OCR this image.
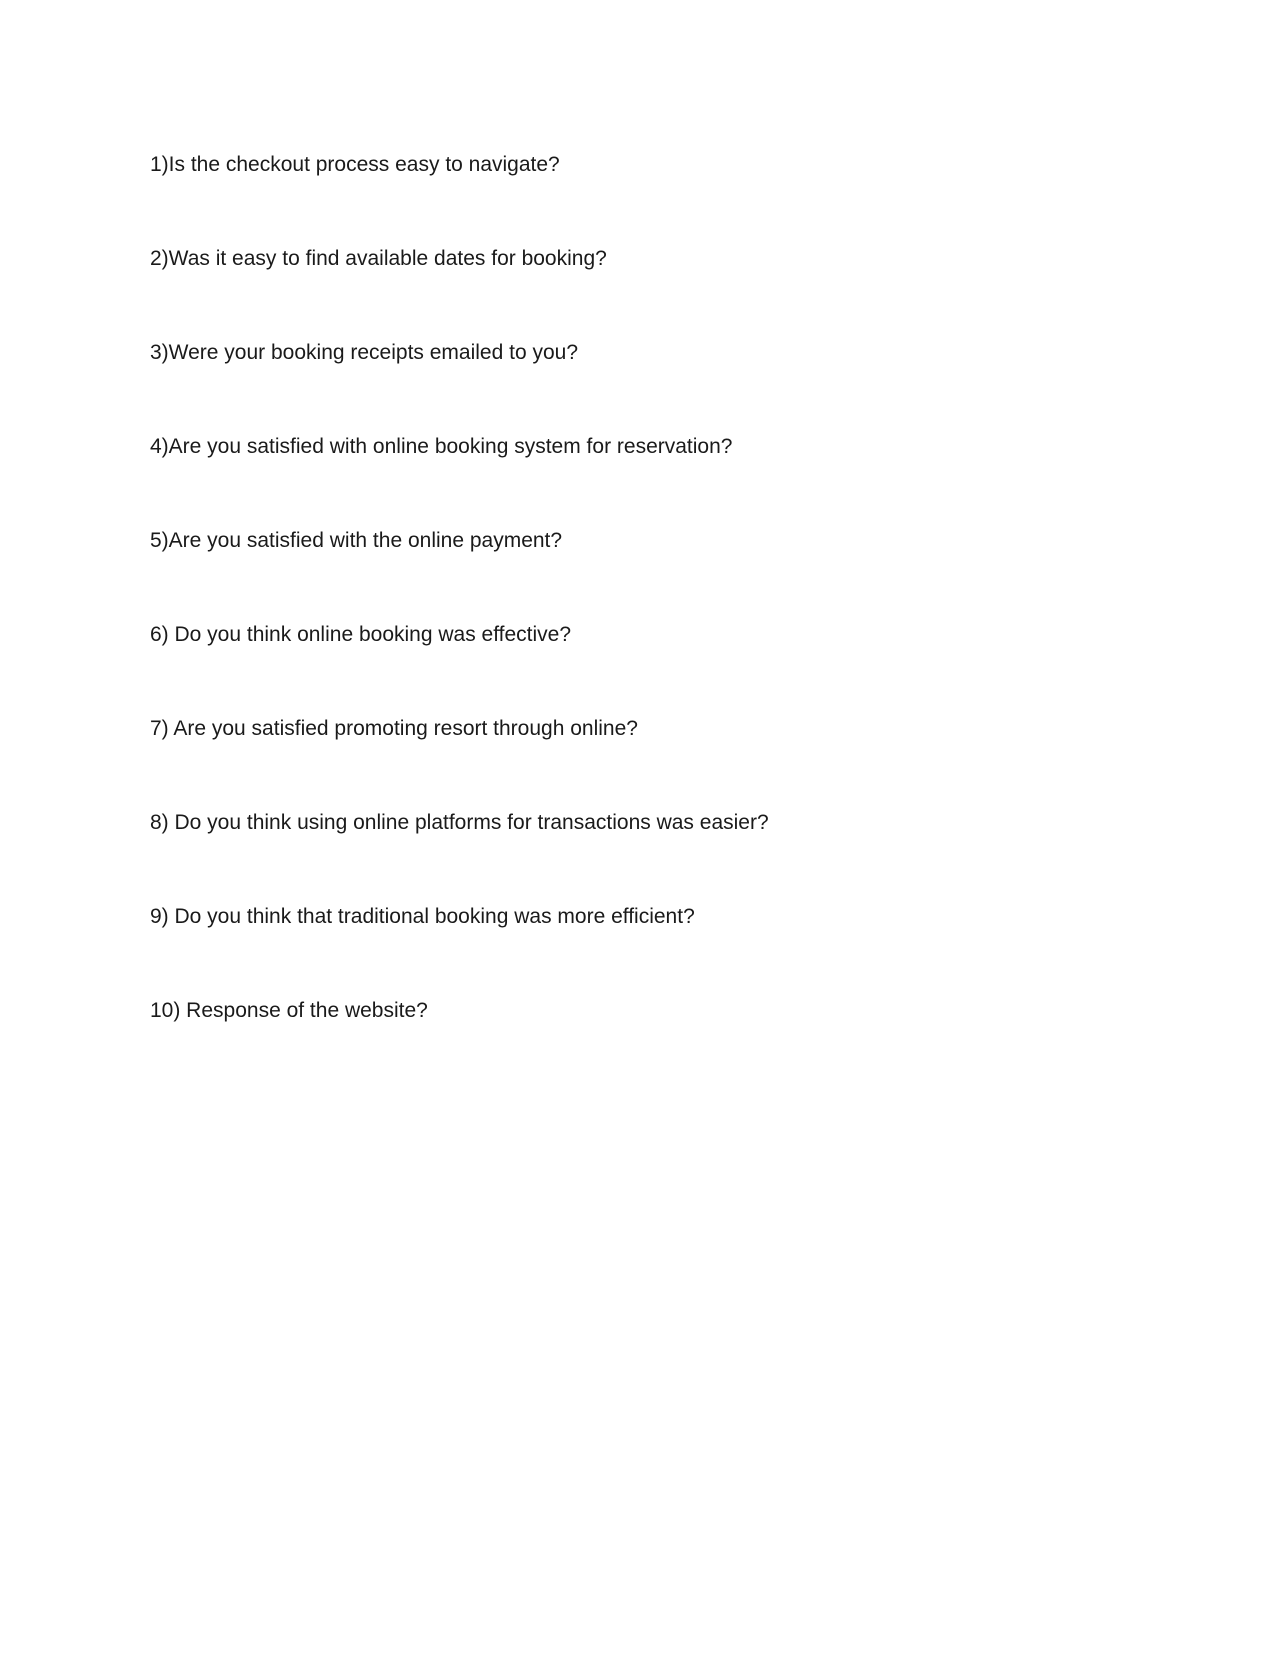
1)Is the checkout process easy to navigate?
2)Was it easy to find available dates for booking?
3)Were your booking receipts emailed to you?
4)Are you satisfied with online booking system for reservation?
5)Are you satisfied with the online payment?
6) Do you think online booking was effective?
7) Are you satisfied promoting resort through online?
8) Do you think using online platforms for transactions was easier?
9) Do you think that traditional booking was more efficient?
10) Response of the website?
